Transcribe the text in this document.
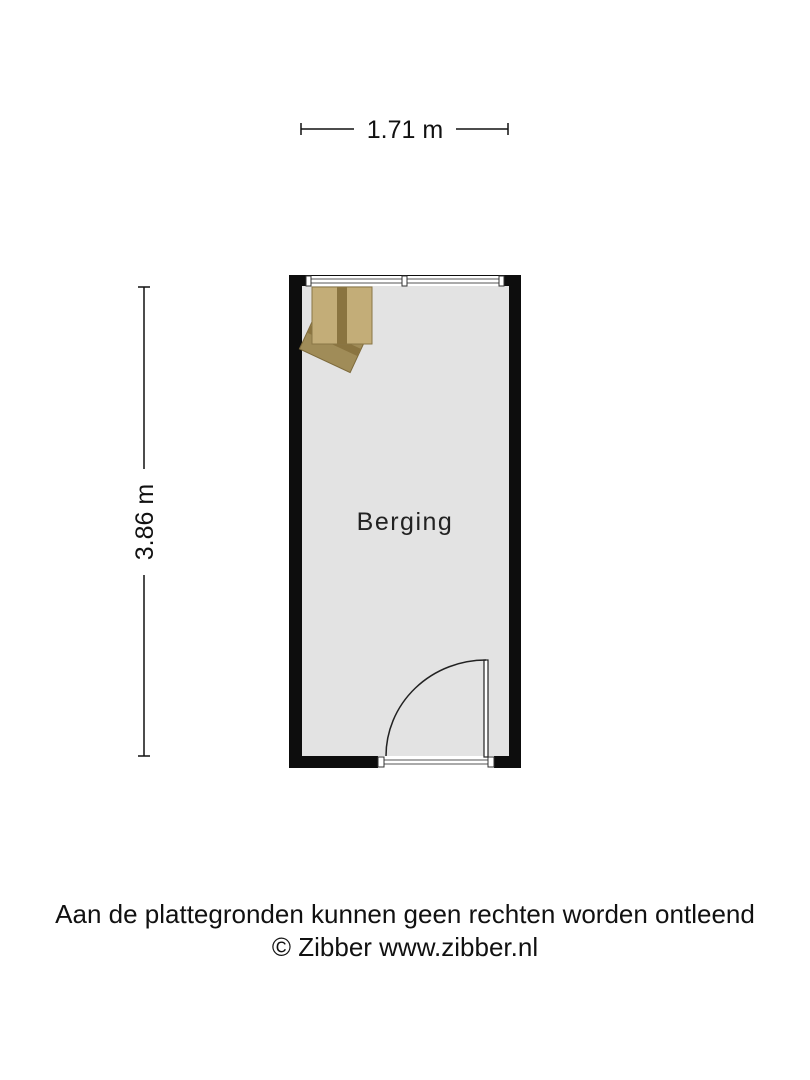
1.71 m
3.86 m	Berging
Aan de plattegronden kunnen geen rechten worden ontleend
© Zibber www.zibber.nl
